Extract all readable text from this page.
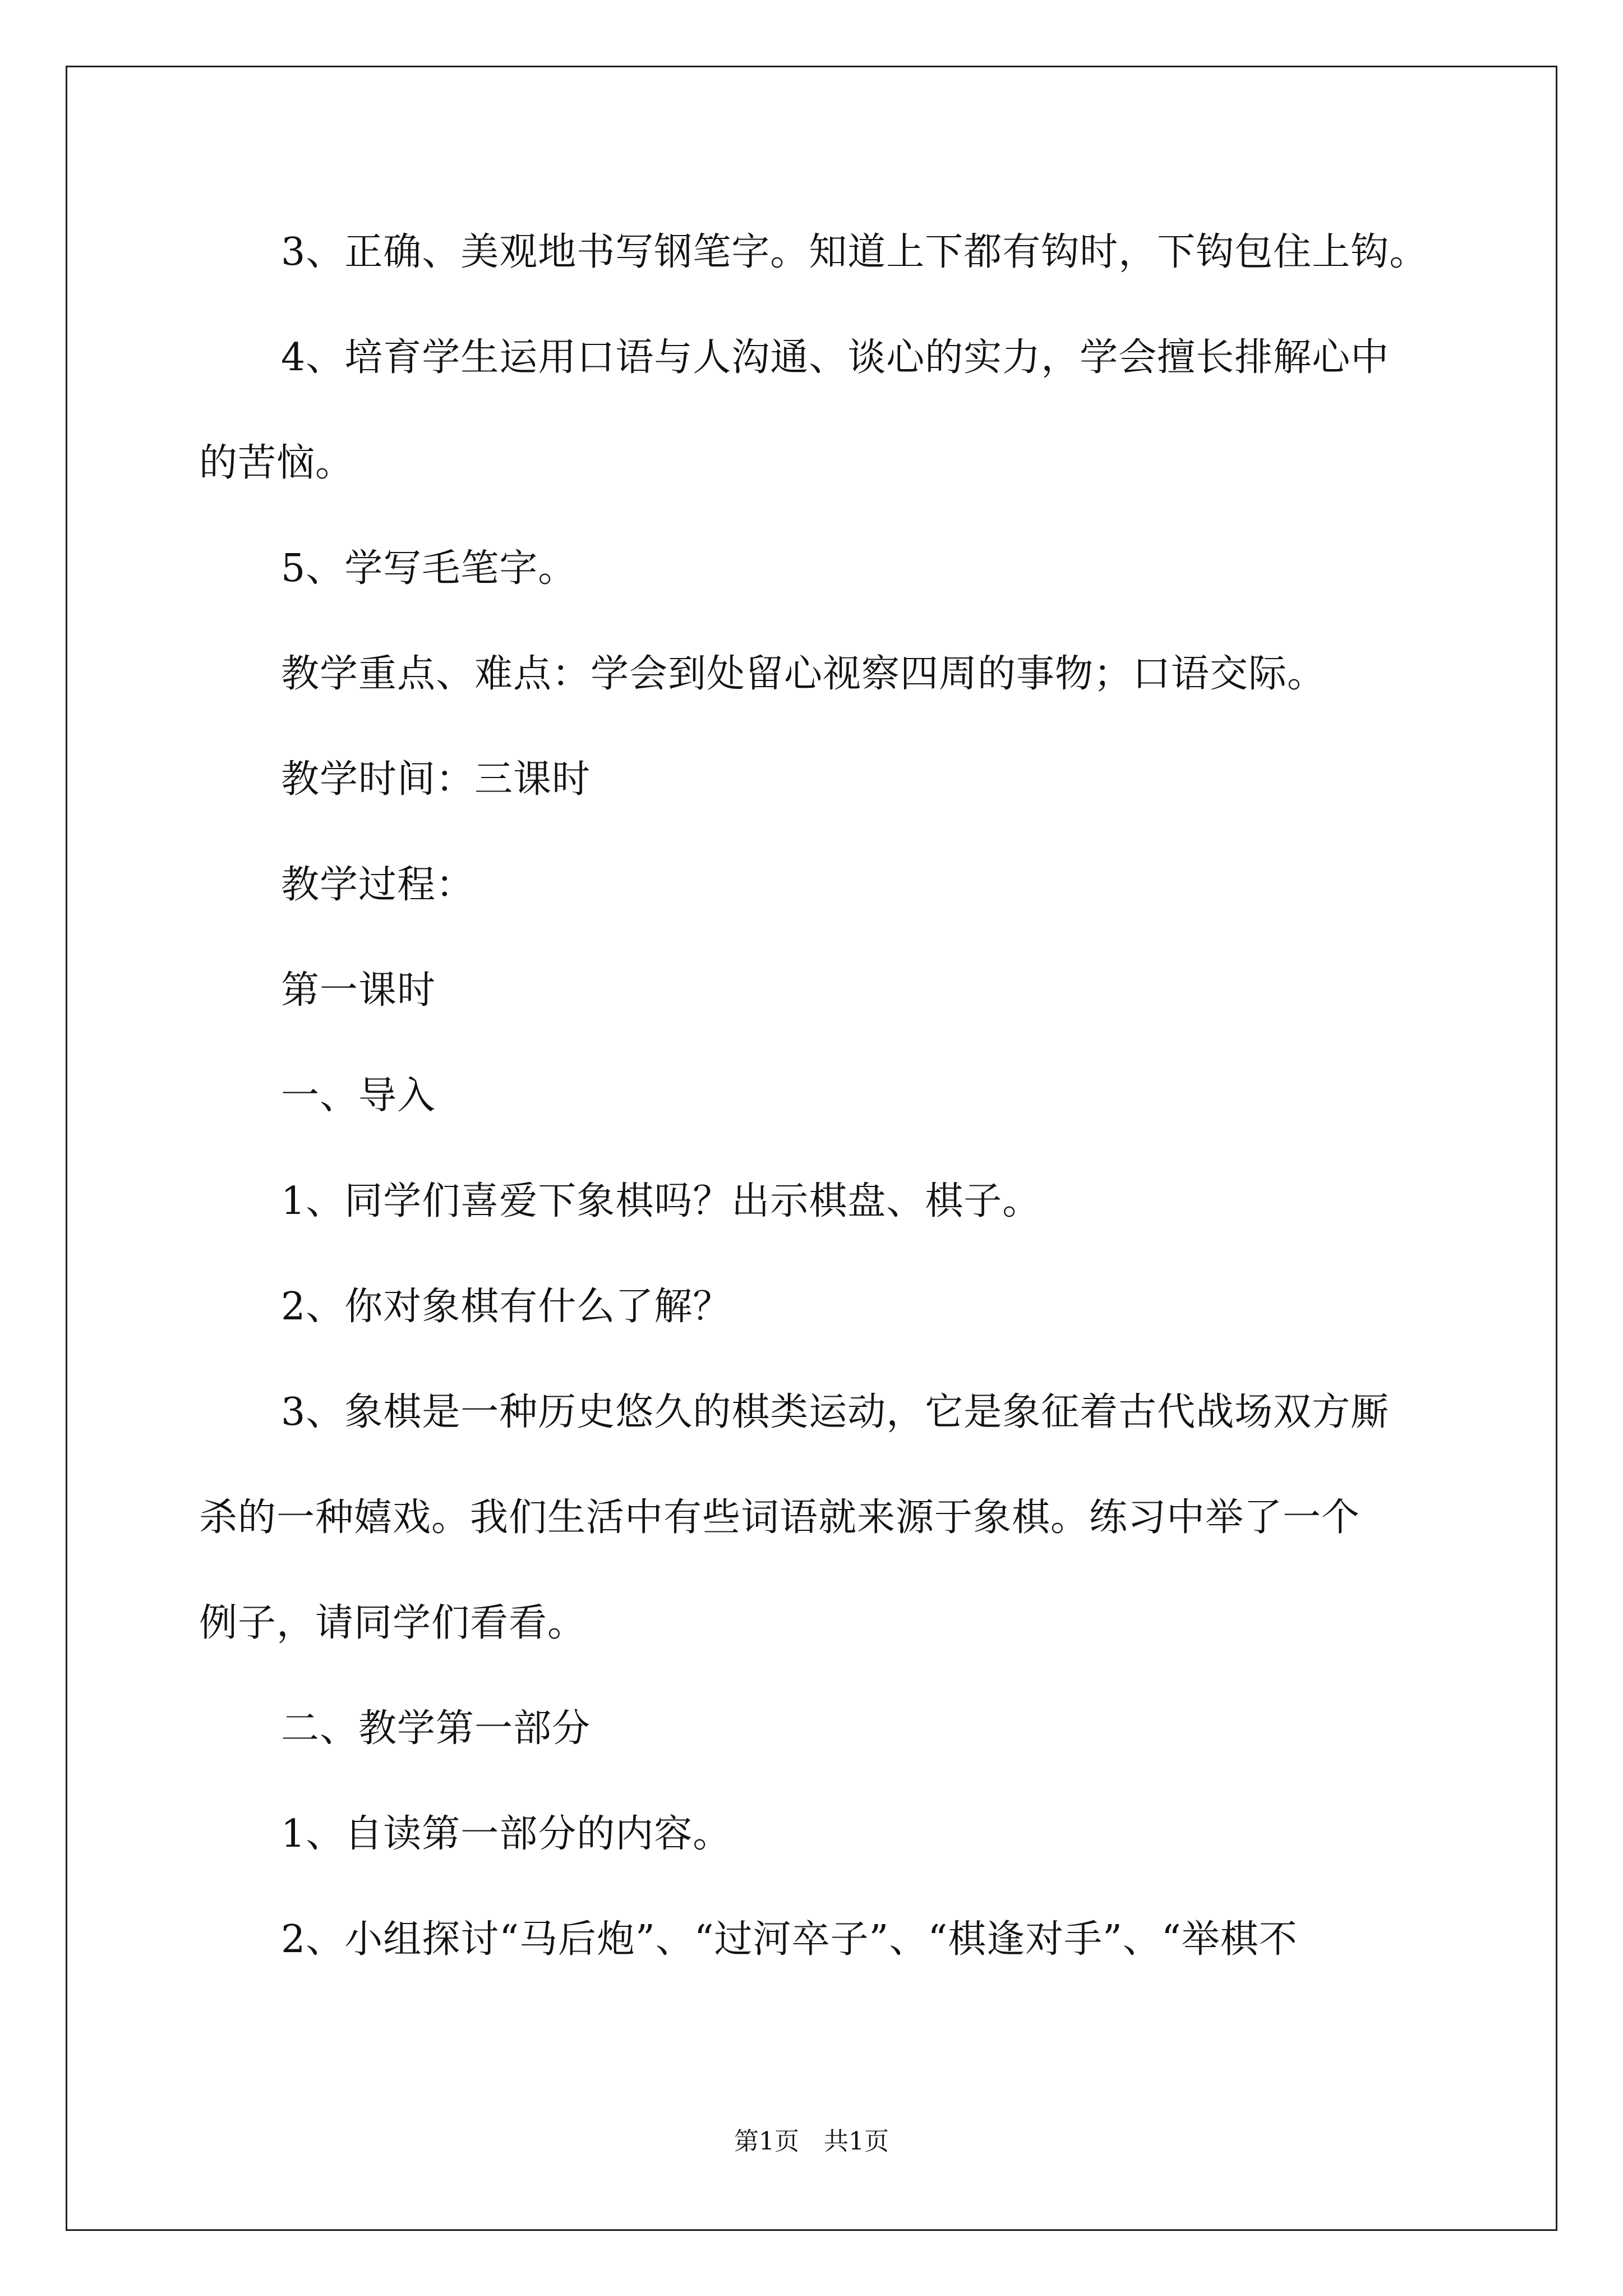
3、正确、美观地书写钢笔字。知道上下都有钩时，下钩包住上钩。
4、培育学生运用口语与人沟通、谈心的实力，学会擅长排解心中
的苦恼。
5、学写毛笔字。
教学重点、难点：学会到处留心视察四周的事物；口语交际。
教学时间：三课时
教学过程：
第一课时
一、导入
1、同学们喜爱下象棋吗？出示棋盘、棋子。
2、你对象棋有什么了解？
3、象棋是一种历史悠久的棋类运动，它是象征着古代战场双方厮
杀的一种嬉戏。我们生活中有些词语就来源于象棋。练习中举了一个
例子，请同学们看看。
二、教学第一部分
1、自读第一部分的内容。
2、小组探讨“马后炮”、“过河卒子”、“棋逢对手”、“举棋不
第1页 共1页
